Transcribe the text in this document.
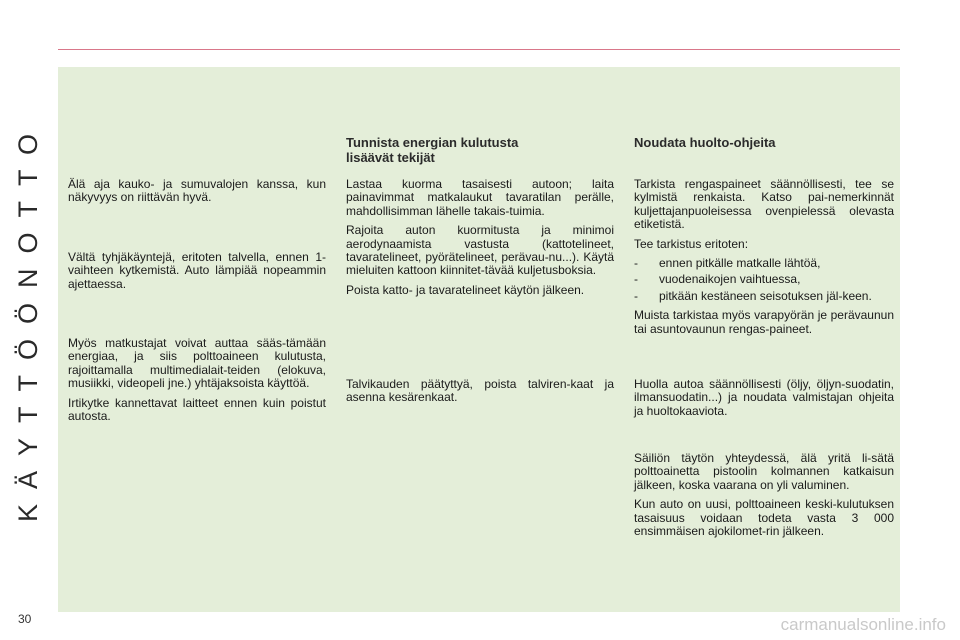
KÄYTTÖÖNOTTO Älä aja kauko- ja sumuvalojen kanssa, kun näkyvyys on riittävän hyvä.

Vältä tyhjäkäyntejä, eritoten talvella, ennen 1-vaihteen kytkemistä. Auto lämpiää nopeammin ajettaessa.

Myös matkustajat voivat auttaa sääs-tämään energiaa, ja siis polttoaineen kulutusta, rajoittamalla multimedialait-teiden (elokuva, musiikki, videopeli jne.) yhtäjaksoista käyttöä.

Irtikytke kannettavat laitteet ennen kuin poistut autosta.

Tunnista energian kulutusta
lisäävät tekijät

Lastaa kuorma tasaisesti autoon; laita painavimmat matkalaukut tavaratilan perälle, mahdollisimman lähelle takais-tuimia.

Rajoita auton kuormitusta ja minimoi aerodynaamista vastusta (kattotelineet, tavaratelineet, pyörätelineet, perävau-nu...). Käytä mieluiten kattoon kiinnitet-tävää kuljetusboksia.

Poista katto- ja tavaratelineet käytön jälkeen.

Talvikauden päätyttyä, poista talviren-kaat ja asenna kesärenkaat.

Noudata huolto-ohjeita

Tarkista rengaspaineet säännöllisesti, tee se kylmistä renkaista. Katso pai-nemerkinnät kuljettajanpuoleisessa ovenpielessä olevasta etiketistä.

Tee tarkistus eritoten:

- ennen pitkälle matkalle lähtöä,
- vuodenaikojen vaihtuessa,
- pitkään kestäneen seisotuksen jäl-keen.

Muista tarkistaa myös varapyörän je perävaunun tai asuntovaunun rengas-paineet.

Huolla autoa säännöllisesti (öljy, öljyn-suodatin, ilmansuodatin...) ja noudata valmistajan ohjeita ja huoltokaaviota.

Säiliön täytön yhteydessä, älä yritä li-sätä polttoainetta pistoolin kolmannen katkaisun jälkeen, koska vaarana on yli valuminen.

Kun auto on uusi, polttoaineen keski-kulutuksen tasaisuus voidaan todeta vasta 3 000 ensimmäisen ajokilomet-rin jälkeen.

30	carmanualsonline.info
